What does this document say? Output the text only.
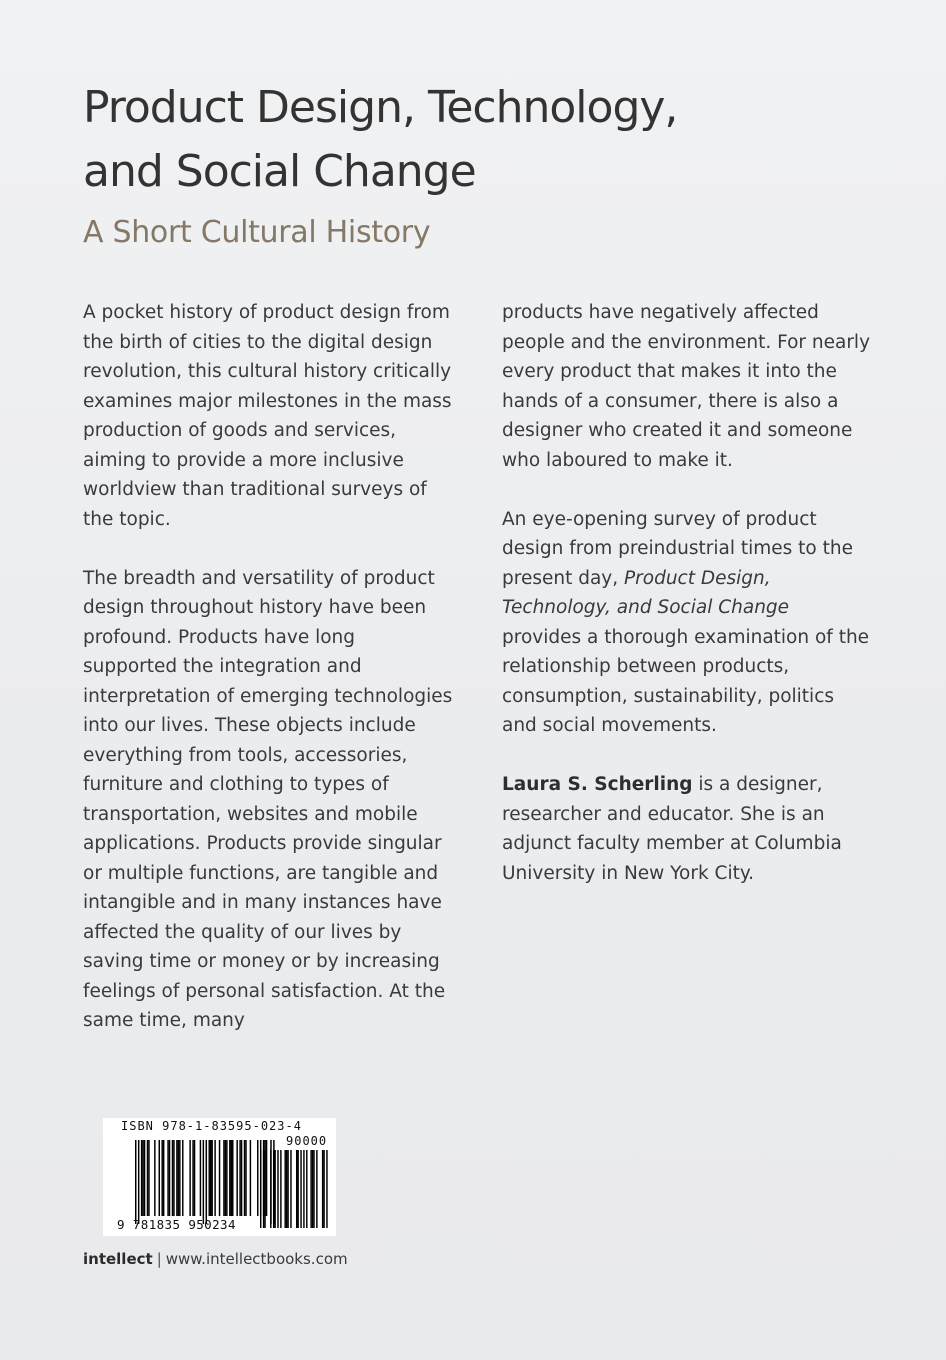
Product Design, Technology,
and Social Change
A Short Cultural History

A pocket history of product design from the birth of cities to the digital design revolution, this cultural history critically examines major milestones in the mass production of goods and services, aiming to provide a more inclusive worldview than traditional surveys of the topic.

The breadth and versatility of product design throughout history have been profound. Products have long supported the integration and interpretation of emerging technologies into our lives. These objects include everything from tools, accessories, furniture and clothing to types of transportation, websites and mobile applications. Products provide singular or multiple functions, are tangible and intangible and in many instances have affected the quality of our lives by saving time or money or by increasing feelings of personal satisfaction. At the same time, many

products have negatively affected people and the environment. For nearly every product that makes it into the hands of a consumer, there is also a designer who created it and someone who laboured to make it.

An eye-opening survey of product design from preindustrial times to the present day, Product Design, Technology, and Social Change provides a thorough examination of the relationship between products, consumption, sustainability, politics and social movements.

Laura S. Scherling is a designer, researcher and educator. She is an adjunct faculty member at Columbia University in New York City.

ISBN 978-1-83595-023-4
90000
9 781835 950234
intellect | www.intellectbooks.com
